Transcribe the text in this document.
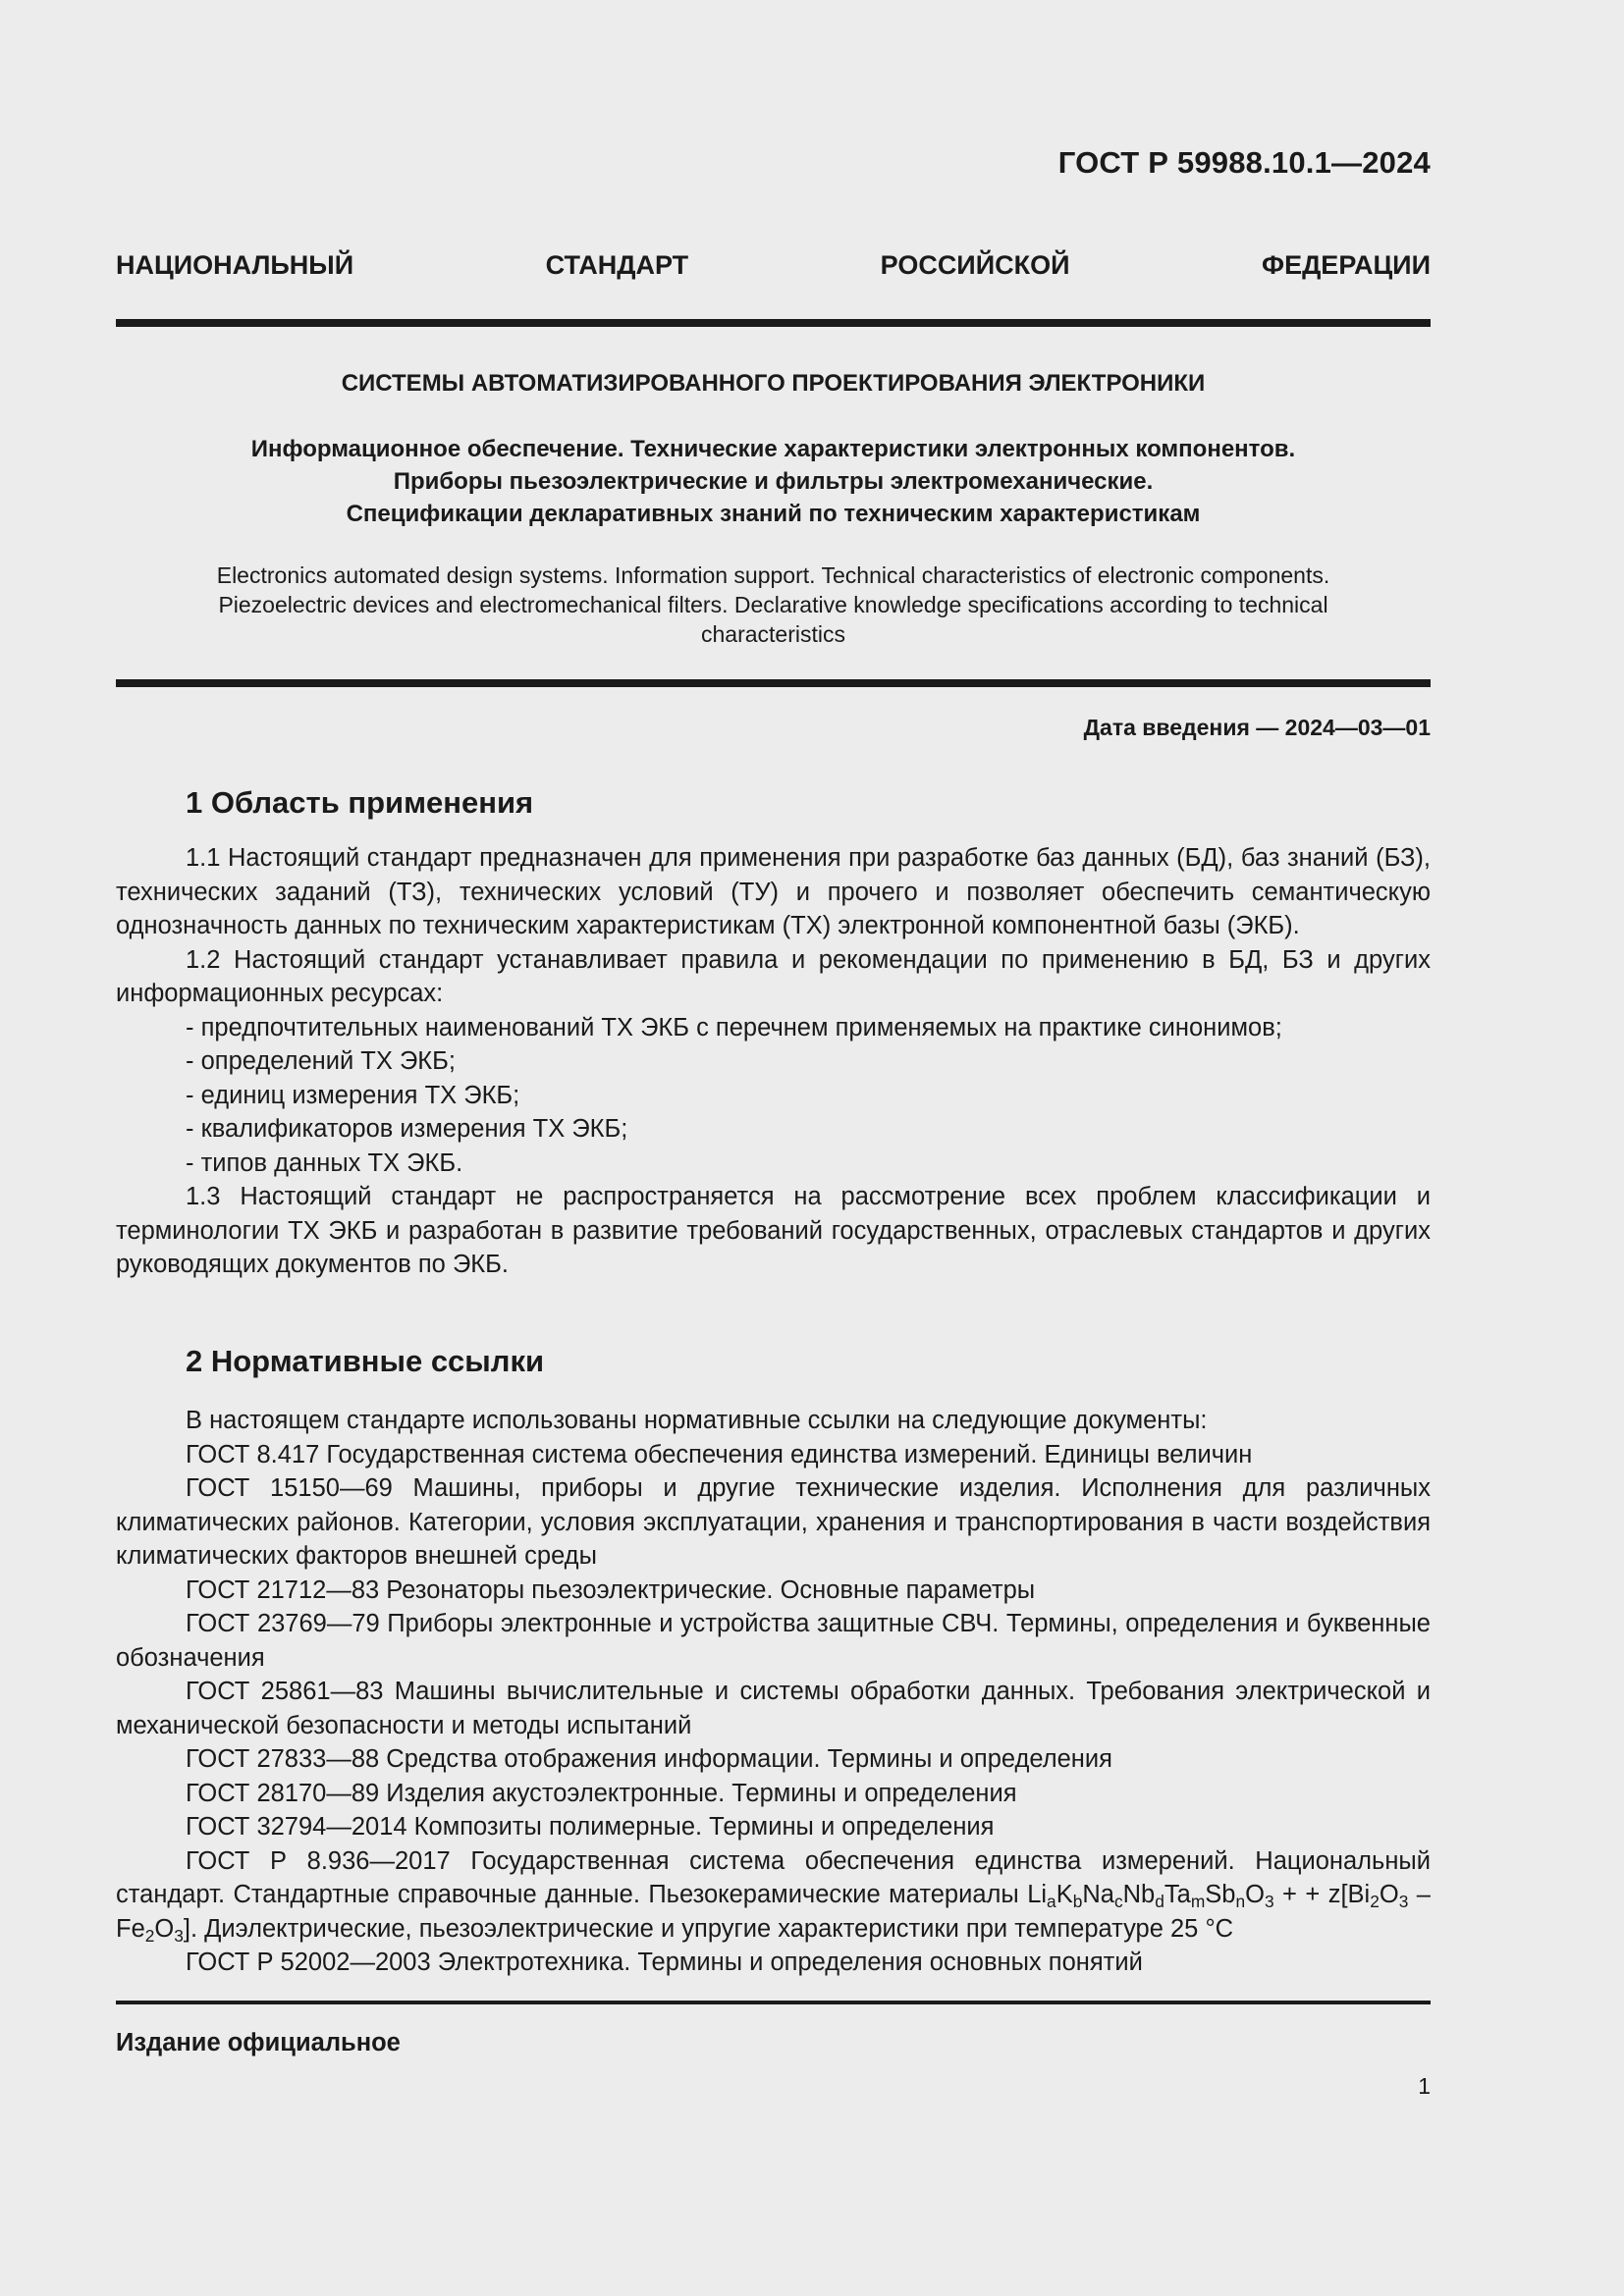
ГОСТ Р 59988.10.1—2024
НАЦИОНАЛЬНЫЙ СТАНДАРТ РОССИЙСКОЙ ФЕДЕРАЦИИ
СИСТЕМЫ АВТОМАТИЗИРОВАННОГО ПРОЕКТИРОВАНИЯ ЭЛЕКТРОНИКИ
Информационное обеспечение. Технические характеристики электронных компонентов.
Приборы пьезоэлектрические и фильтры электромеханические.
Спецификации декларативных знаний по техническим характеристикам
Electronics automated design systems. Information support. Technical characteristics of electronic components.
Piezoelectric devices and electromechanical filters. Declarative knowledge specifications according to technical
characteristics
Дата введения — 2024—03—01
1 Область применения

1.1 Настоящий стандарт предназначен для применения при разработке баз данных (БД), баз знаний (БЗ), технических заданий (ТЗ), технических условий (ТУ) и прочего и позволяет обеспечить семантическую однозначность данных по техническим характеристикам (ТХ) электронной компонентной базы (ЭКБ).

1.2 Настоящий стандарт устанавливает правила и рекомендации по применению в БД, БЗ и других информационных ресурсах:

- предпочтительных наименований ТХ ЭКБ с перечнем применяемых на практике синонимов;

- определений ТХ ЭКБ;

- единиц измерения ТХ ЭКБ;

- квалификаторов измерения ТХ ЭКБ;

- типов данных ТХ ЭКБ.

1.3 Настоящий стандарт не распространяется на рассмотрение всех проблем классификации и терминологии ТХ ЭКБ и разработан в развитие требований государственных, отраслевых стандартов и других руководящих документов по ЭКБ.

2 Нормативные ссылки

В настоящем стандарте использованы нормативные ссылки на следующие документы:

ГОСТ 8.417 Государственная система обеспечения единства измерений. Единицы величин

ГОСТ 15150—69 Машины, приборы и другие технические изделия. Исполнения для различных климатических районов. Категории, условия эксплуатации, хранения и транспортирования в части воздействия климатических факторов внешней среды

ГОСТ 21712—83 Резонаторы пьезоэлектрические. Основные параметры

ГОСТ 23769—79 Приборы электронные и устройства защитные СВЧ. Термины, определения и буквенные обозначения

ГОСТ 25861—83 Машины вычислительные и системы обработки данных. Требования электрической и механической безопасности и методы испытаний

ГОСТ 27833—88 Средства отображения информации. Термины и определения

ГОСТ 28170—89 Изделия акустоэлектронные. Термины и определения

ГОСТ 32794—2014 Композиты полимерные. Термины и определения

ГОСТ Р 8.936—2017 Государственная система обеспечения единства измерений. Национальный стандарт. Стандартные справочные данные. Пьезокерамические материалы $Li_aK_bNa_cNb_dTa_mSb_nO_3$ + + $z[Bi_2O_3 - Fe_2O_3]$. Диэлектрические, пьезоэлектрические и упругие характеристики при температуре 25 °C

ГОСТ Р 52002—2003 Электротехника. Термины и определения основных понятий

Издание официальное
1
